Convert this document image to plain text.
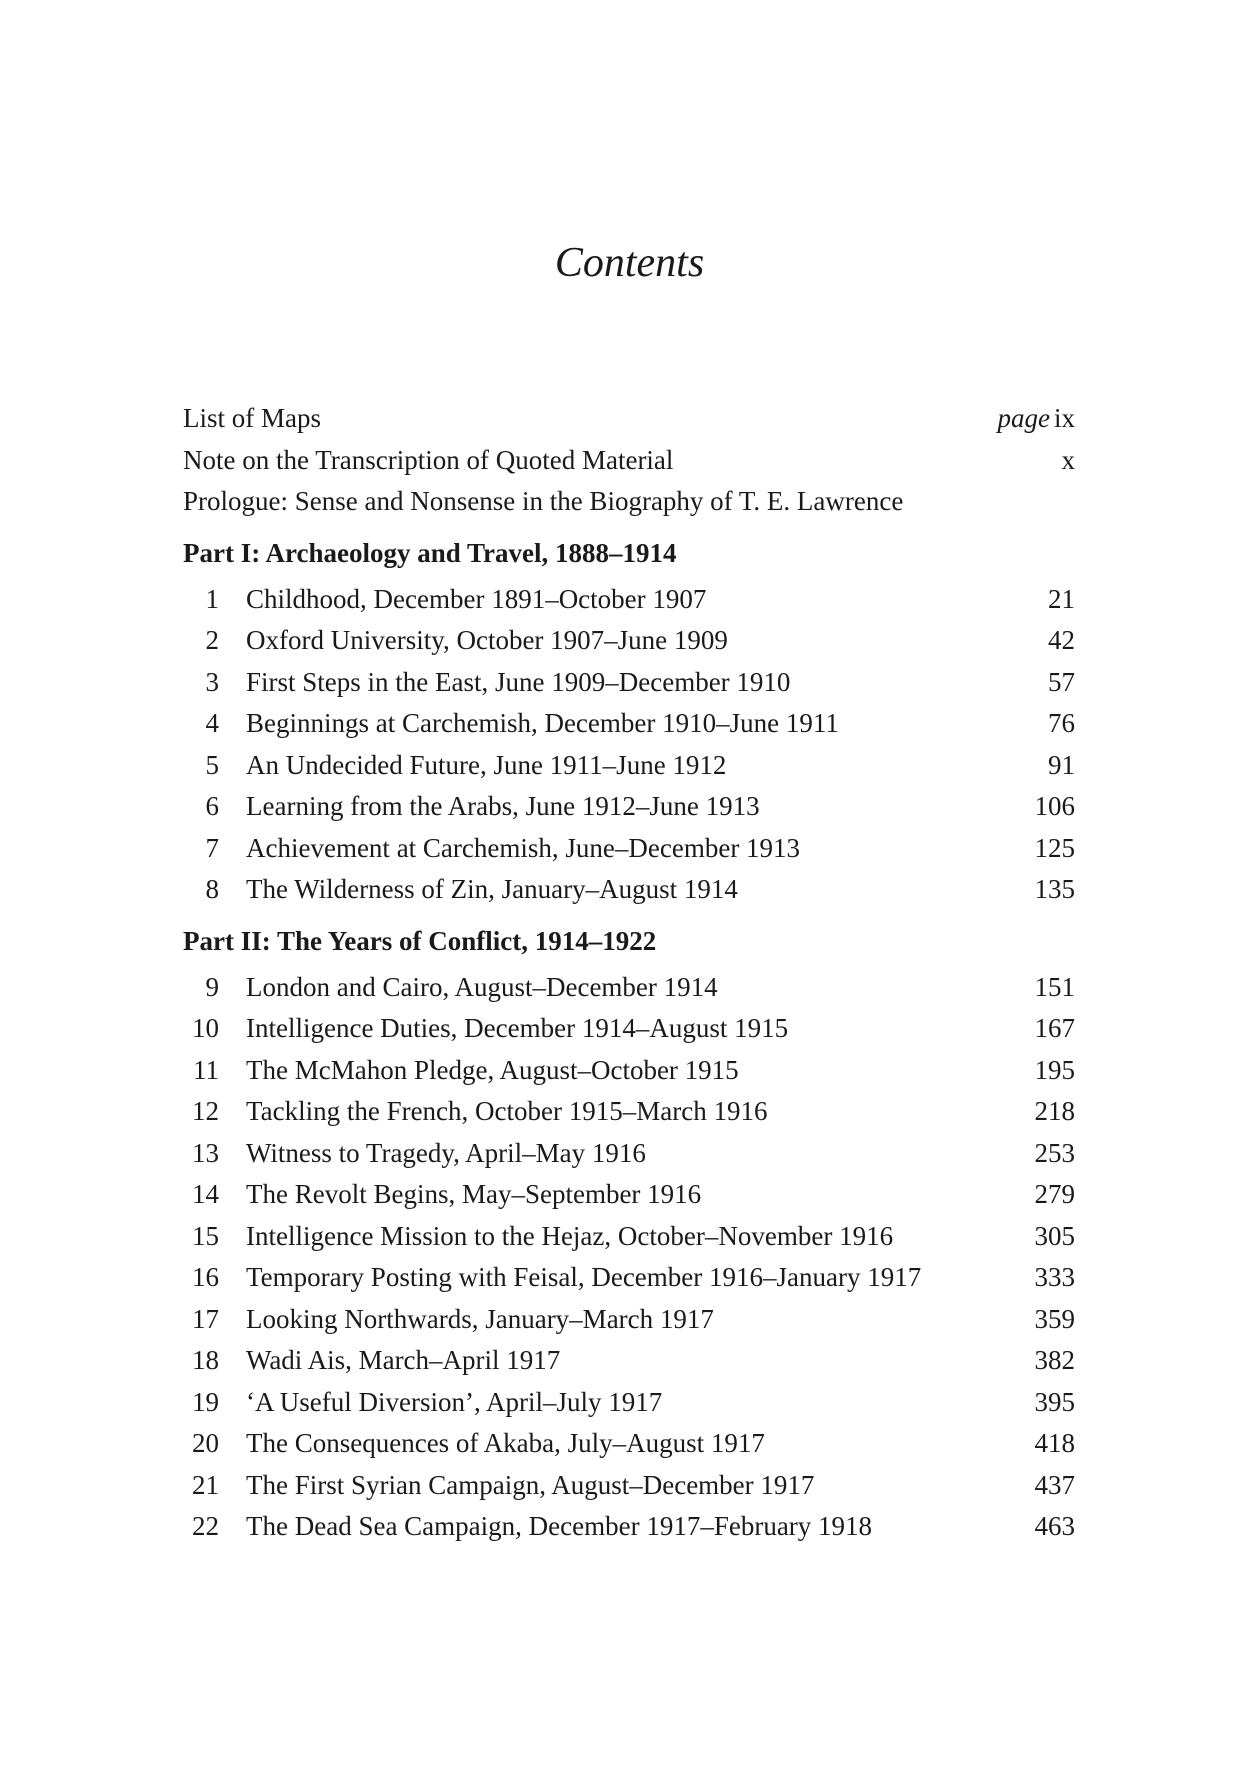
Contents
List of Maps	page ix
Note on the Transcription of Quoted Material	x
Prologue: Sense and Nonsense in the Biography of T. E. Lawrence
Part I: Archaeology and Travel, 1888–1914
1 Childhood, December 1891–October 1907	21
2 Oxford University, October 1907–June 1909	42
3 First Steps in the East, June 1909–December 1910	57
4 Beginnings at Carchemish, December 1910–June 1911	76
5 An Undecided Future, June 1911–June 1912	91
6 Learning from the Arabs, June 1912–June 1913	106
7 Achievement at Carchemish, June–December 1913	125
8 The Wilderness of Zin, January–August 1914	135
Part II: The Years of Conflict, 1914–1922
9 London and Cairo, August–December 1914	151
10 Intelligence Duties, December 1914–August 1915	167
11 The McMahon Pledge, August–October 1915	195
12 Tackling the French, October 1915–March 1916	218
13 Witness to Tragedy, April–May 1916	253
14 The Revolt Begins, May–September 1916	279
15 Intelligence Mission to the Hejaz, October–November 1916	305
16 Temporary Posting with Feisal, December 1916–January 1917	333
17 Looking Northwards, January–March 1917	359
18 Wadi Ais, March–April 1917	382
19 ‘A Useful Diversion’, April–July 1917	395
20 The Consequences of Akaba, July–August 1917	418
21 The First Syrian Campaign, August–December 1917	437
22 The Dead Sea Campaign, December 1917–February 1918	463
